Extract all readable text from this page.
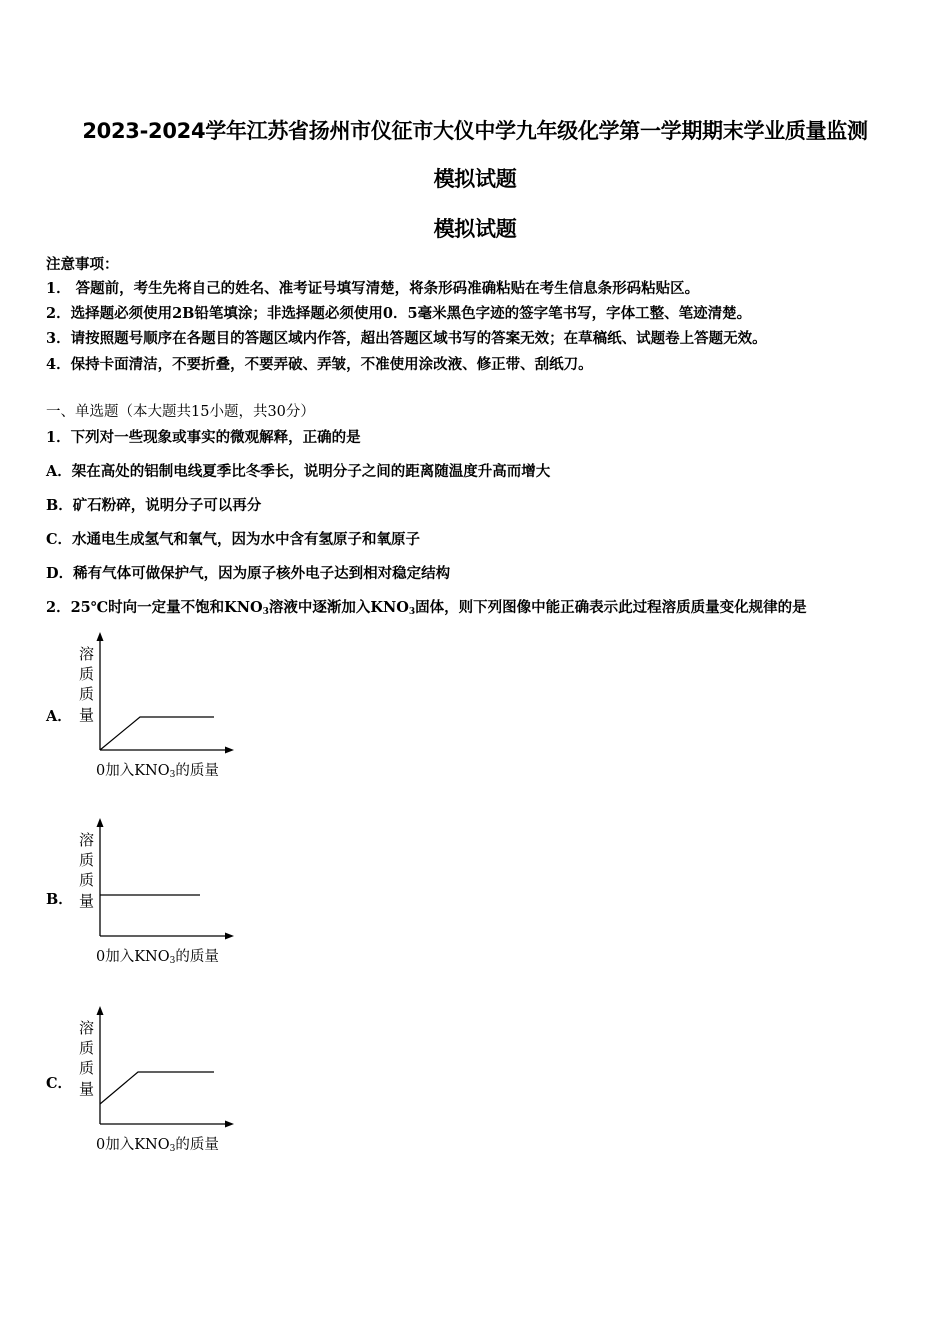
2023-2024学年江苏省扬州市仪征市大仪中学九年级化学第一学期期末学业质量监测
模拟试题
模拟试题
注意事项：
1． 答题前，考生先将自己的姓名、准考证号填写清楚，将条形码准确粘贴在考生信息条形码粘贴区。
2．选择题必须使用2B铅笔填涂；非选择题必须使用0．5毫米黑色字迹的签字笔书写，字体工整、笔迹清楚。
3．请按照题号顺序在各题目的答题区域内作答，超出答题区域书写的答案无效；在草稿纸、试题卷上答题无效。
4．保持卡面清洁，不要折叠，不要弄破、弄皱，不准使用涂改液、修正带、刮纸刀。
一、单选题（本大题共15小题，共30分）
1．下列对一些现象或事实的微观解释，正确的是
A．架在高处的铝制电线夏季比冬季长，说明分子之间的距离随温度升高而增大
B．矿石粉碎，说明分子可以再分
C．水通电生成氢气和氧气，因为水中含有氢原子和氧原子
D．稀有气体可做保护气，因为原子核外电子达到相对稳定结构
2．25℃时向一定量不饱和$KNO_3$溶液中逐渐加入$KNO_3$固体，则下列图像中能正确表示此过程溶质质量变化规律的是
A．
溶
质
质
量
0加入KNO3的质量
B．
溶
质
质
量
0加入KNO3的质量
C．
溶
质
质
量
0加入KNO3的质量
